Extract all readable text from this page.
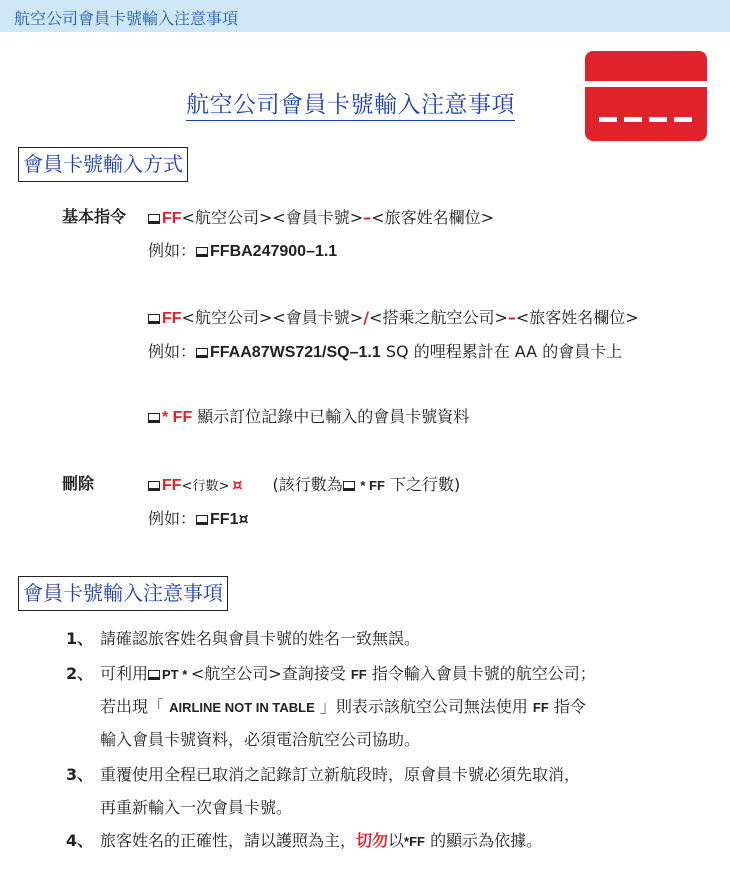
航空公司會員卡號輸入注意事項
航空公司會員卡號輸入注意事項
會員卡號輸入方式
基本指令	FF<航空公司><會員卡號>–<旅客姓名欄位>
例如： FFBA247900–1.1
FF<航空公司><會員卡號>/<搭乘之航空公司>–<旅客姓名欄位>
例如： FFAA87WS721/SQ–1.1 SQ 的哩程累計在 AA 的會員卡上
* FF 顯示訂位記錄中已輸入的會員卡號資料
刪除	FF<行數> ¤ (該行數為 * FF 下之行數)
例如： FF1¤
會員卡號輸入注意事項
1、 請確認旅客姓名與會員卡號的姓名一致無誤。
2、 可利用 PT * <航空公司>查詢接受 FF 指令輸入會員卡號的航空公司；
若出現「 AIRLINE NOT IN TABLE 」則表示該航空公司無法使用 FF 指令
輸入會員卡號資料，必須電洽航空公司協助。
3、 重覆使用全程已取消之記錄訂立新航段時，原會員卡號必須先取消，
再重新輸入一次會員卡號。
4、 旅客姓名的正確性，請以護照為主，切勿以*FF 的顯示為依據。
